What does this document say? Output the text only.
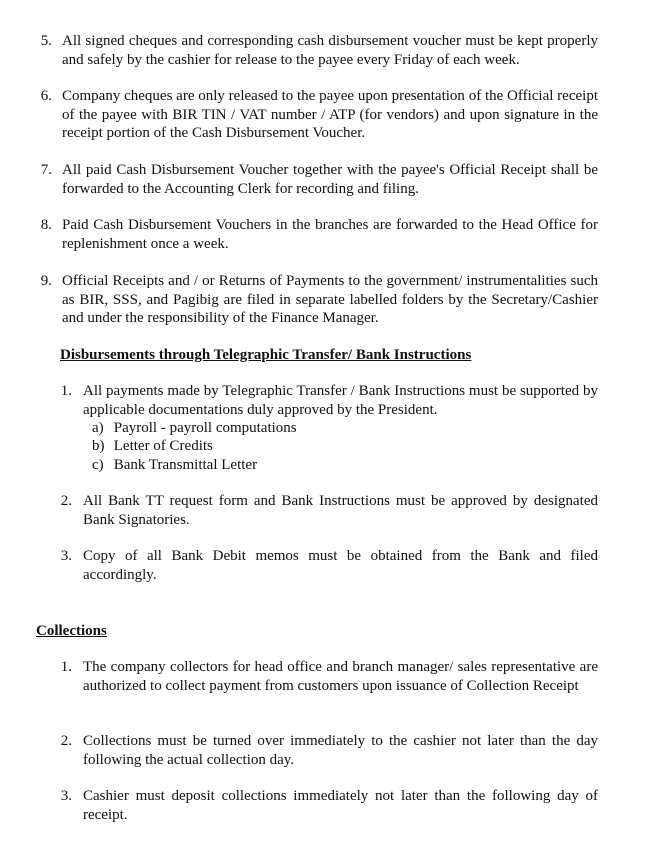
5. All signed cheques and corresponding cash disbursement voucher must be kept properly and safely by the cashier for release to the payee every Friday of each week.
6. Company cheques are only released to the payee upon presentation of the Official receipt of the payee with BIR TIN / VAT number / ATP (for vendors) and upon signature in the receipt portion of the Cash Disbursement Voucher.
7. All paid Cash Disbursement Voucher together with the payee's Official Receipt shall be forwarded to the Accounting Clerk for recording and filing.
8. Paid Cash Disbursement Vouchers in the branches are forwarded to the Head Office for replenishment once a week.
9. Official Receipts and / or Returns of Payments to the government/ instrumentalities such as BIR, SSS, and Pagibig are filed in separate labelled folders by the Secretary/Cashier and under the responsibility of the Finance Manager.
Disbursements through Telegraphic Transfer/ Bank Instructions
1. All payments made by Telegraphic Transfer / Bank Instructions must be supported by applicable documentations duly approved by the President.
a) Payroll - payroll computations
b) Letter of Credits
c) Bank Transmittal Letter
2. All Bank TT request form and Bank Instructions must be approved by designated Bank Signatories.
3. Copy of all Bank Debit memos must be obtained from the Bank and filed accordingly.
Collections
1. The company collectors for head office and branch manager/ sales representative are authorized to collect payment from customers upon issuance of Collection Receipt
2. Collections must be turned over immediately to the cashier not later than the day following the actual collection day.
3. Cashier must deposit collections immediately not later than the following day of receipt.
